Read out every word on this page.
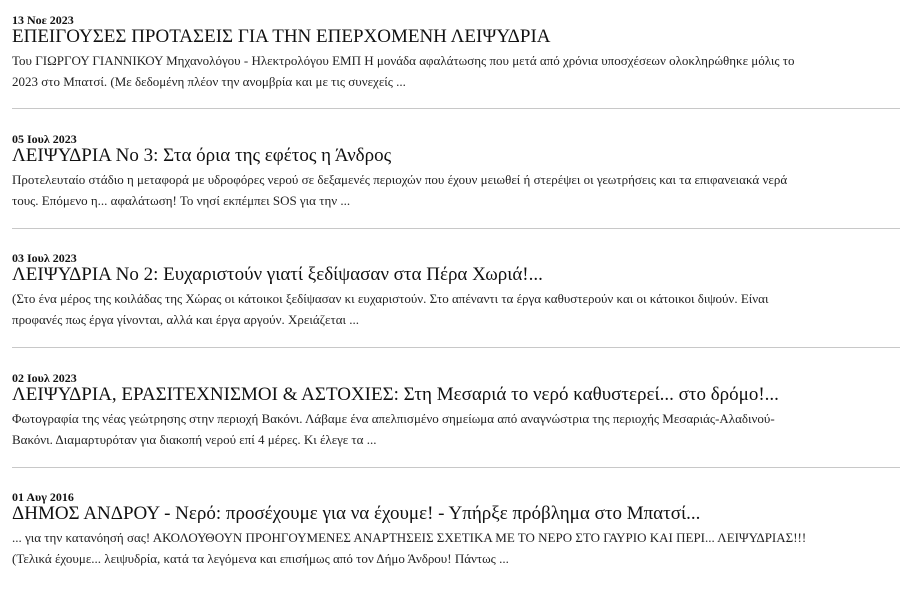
13 Νοε 2023
ΕΠΕΙΓΟΥΣΕΣ ΠΡΟΤΑΣΕΙΣ ΓΙΑ ΤΗΝ ΕΠΕΡΧΟΜΕΝΗ ΛΕΙΨΥΔΡΙΑ
Του ΓΙΩΡΓΟΥ ΓΙΑΝΝΙΚΟΥ Μηχανολόγου - Ηλεκτρολόγου ΕΜΠ Η μονάδα αφαλάτωσης που μετά από χρόνια υποσχέσεων ολοκληρώθηκε μόλις το
2023 στο Μπατσί. (Με δεδομένη πλέον την ανομβρία και με τις συνεχείς ...
05 Ιουλ 2023
ΛΕΙΨΥΔΡΙΑ Νο 3: Στα όρια της εφέτος η Άνδρος
Προτελευταίο στάδιο η μεταφορά με υδροφόρες νερού σε δεξαμενές περιοχών που έχουν μειωθεί ή στερέψει οι γεωτρήσεις και τα επιφανειακά νερά
τους. Επόμενο η... αφαλάτωση! Το νησί εκπέμπει SOS για την ...
03 Ιουλ 2023
ΛΕΙΨΥΔΡΙΑ Νο 2: Ευχαριστούν γιατί ξεδίψασαν στα Πέρα Χωριά!...
(Στο ένα μέρος της κοιλάδας της Χώρας οι κάτοικοι ξεδίψασαν κι ευχαριστούν. Στο απέναντι τα έργα καθυστερούν και οι κάτοικοι διψούν. Είναι
προφανές πως έργα γίνονται, αλλά και έργα αργούν. Χρειάζεται ...
02 Ιουλ 2023
ΛΕΙΨΥΔΡΙΑ, ΕΡΑΣΙΤΕΧΝΙΣΜΟΙ & ΑΣΤΟΧΙΕΣ: Στη Μεσαριά το νερό καθυστερεί... στο δρόμο!...
Φωτογραφία της νέας γεώτρησης στην περιοχή Βακόνι. Λάβαμε ένα απελπισμένο σημείωμα από αναγνώστρια της περιοχής Μεσαριάς-Αλαδινού-
Βακόνι. Διαμαρτυρόταν για διακοπή νερού επί 4 μέρες. Κι έλεγε τα ...
01 Αυγ 2016
ΔΗΜΟΣ ΑΝΔΡΟΥ - Νερό: προσέχουμε για να έχουμε! - Υπήρξε πρόβλημα στο Μπατσί...
... για την κατανόησή σας! ΑΚΟΛΟΥΘΟΥΝ ΠΡΟΗΓΟΥΜΕΝΕΣ ΑΝΑΡΤΗΣΕΙΣ ΣΧΕΤΙΚΑ ΜΕ ΤΟ ΝΕΡΟ ΣΤΟ ΓΑΥΡΙΟ ΚΑΙ ΠΕΡΙ... ΛΕΙΨΥΔΡΙΑΣ!!!
(Τελικά έχουμε... λειψυδρία, κατά τα λεγόμενα και επισήμως από τον Δήμο Άνδρου! Πάντως ...
